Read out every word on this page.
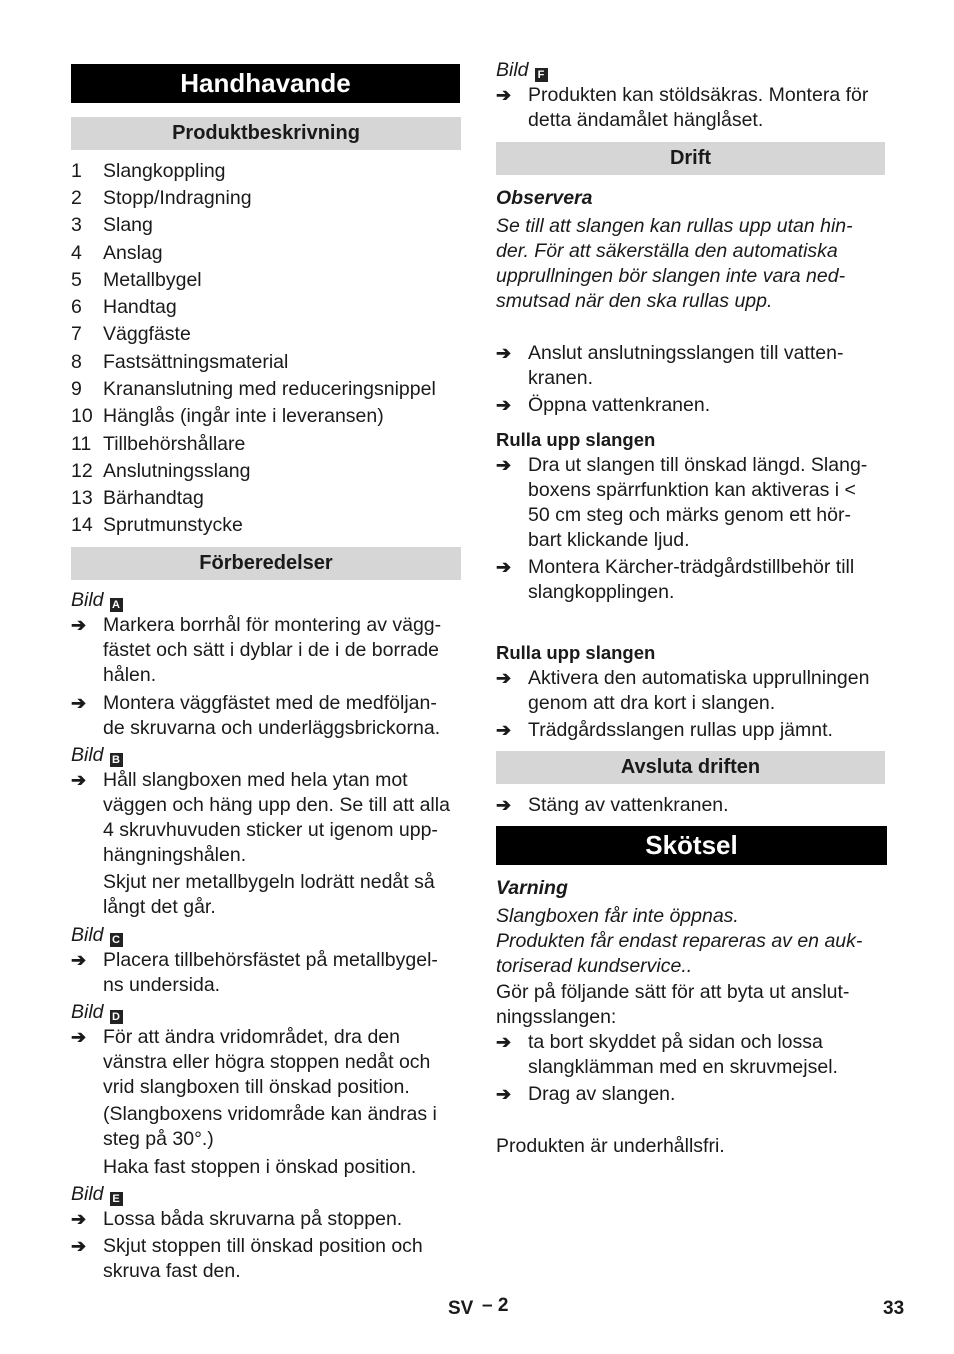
Handhavande
Produktbeskrivning
1 Slangkoppling
2 Stopp/Indragning
3 Slang
4 Anslag
5 Metallbygel
6 Handtag
7 Väggfäste
8 Fastsättningsmaterial
9 Krananslutning med reduceringsnippel
10 Hänglås (ingår inte i leveransen)
11 Tillbehörshållare
12 Anslutningsslang
13 Bärhandtag
14 Sprutmunstycke
Förberedelser
Bild A
➔ Markera borrhål för montering av vägg-
fästet och sätt i dyblar i de i de borrade
hålen.
➔ Montera väggfästet med de medföljan-
de skruvarna och underläggsbrickorna.
Bild B
➔ Håll slangboxen med hela ytan mot
väggen och häng upp den. Se till att alla
4 skruvhuvuden sticker ut igenom upp-
hängningshålen.
Skjut ner metallbygeln lodrätt nedåt så
långt det går.
Bild C
➔ Placera tillbehörsfästet på metallbygel-
ns undersida.
Bild D
➔ För att ändra vridområdet, dra den
vänstra eller högra stoppen nedåt och
vrid slangboxen till önskad position.
(Slangboxens vridområde kan ändras i
steg på 30°.)
Haka fast stoppen i önskad position.
Bild E
➔ Lossa båda skruvarna på stoppen.
➔ Skjut stoppen till önskad position och
skruva fast den.
Bild F
➔ Produkten kan stöldsäkras. Montera för
detta ändamålet hänglåset.
Drift
Observera
Se till att slangen kan rullas upp utan hin-
der. För att säkerställa den automatiska
upprullningen bör slangen inte vara ned-
smutsad när den ska rullas upp.
➔ Anslut anslutningsslangen till vatten-
kranen.
➔ Öppna vattenkranen.
Rulla upp slangen
➔ Dra ut slangen till önskad längd. Slang-
boxens spärrfunktion kan aktiveras i <
50 cm steg och märks genom ett hör-
bart klickande ljud.
➔ Montera Kärcher-trädgårdstillbehör till
slangkopplingen.
Rulla upp slangen
➔ Aktivera den automatiska upprullningen
genom att dra kort i slangen.
➔ Trädgårdsslangen rullas upp jämnt.
Avsluta driften
➔ Stäng av vattenkranen.
Skötsel
Varning
Slangboxen får inte öppnas.
Produkten får endast repareras av en auk-
toriserad kundservice..
Gör på följande sätt för att byta ut anslut-
ningsslangen:
➔ ta bort skyddet på sidan och lossa
slangklämman med en skruvmejsel.
➔ Drag av slangen.
Produkten är underhållsfri.
SV – 2	33
